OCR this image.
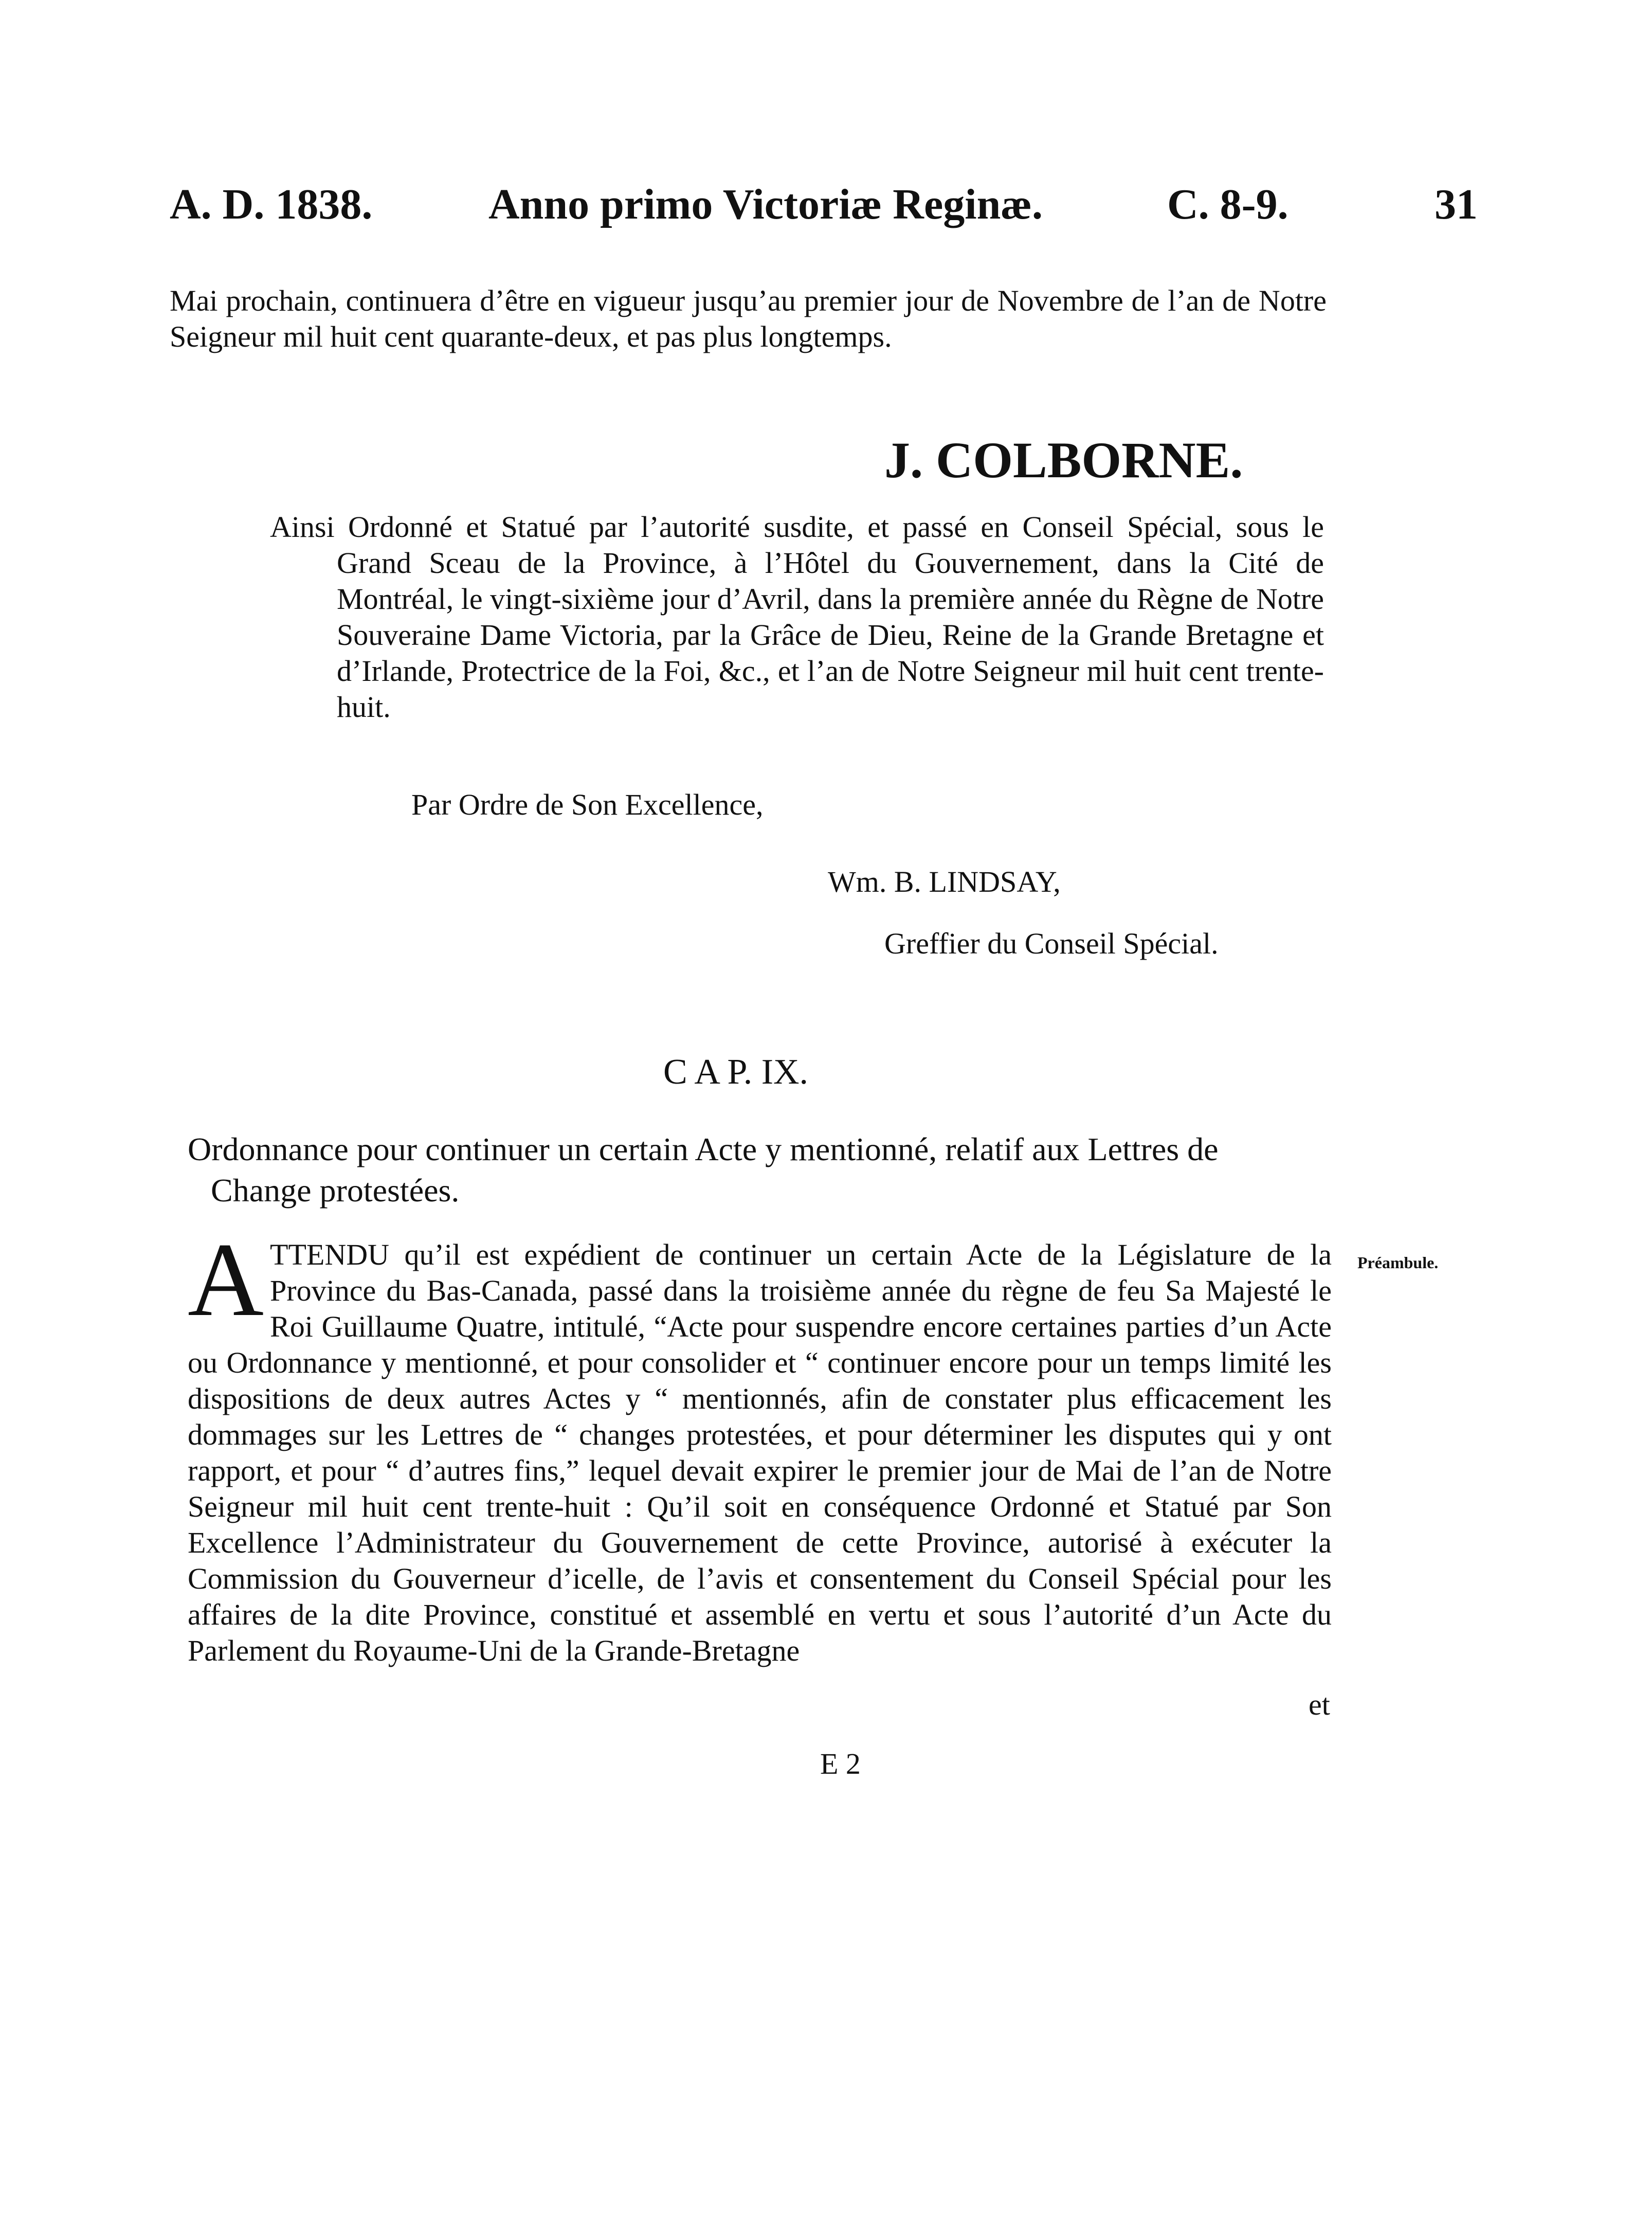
A. D. 1838.	Anno primo Victoriæ Reginæ.	C. 8-9.	31

Mai prochain, continuera d’être en vigueur jusqu’au premier jour de Novembre de l’an de Notre Seigneur mil huit cent quarante-deux, et pas plus longtemps.

J. COLBORNE.

Ainsi Ordonné et Statué par l’autorité susdite, et passé en Conseil Spécial, sous le Grand Sceau de la Province, à l’Hôtel du Gouvernement, dans la Cité de Montréal, le vingt-sixième jour d’Avril, dans la première année du Règne de Notre Souveraine Dame Victoria, par la Grâce de Dieu, Reine de la Grande Bretagne et d’Irlande, Protectrice de la Foi, &c., et l’an de Notre Seigneur mil huit cent trente-huit.

Par Ordre de Son Excellence,
Wm. B. LINDSAY,
Greffier du Conseil Spécial.
C A P. IX.

Ordonnance pour continuer un certain Acte y mentionné, relatif aux Lettres de Change protestées.

Préambule.
A TTENDU qu’il est expédient de continuer un certain Acte de la Législature de la Province du Bas-Canada, passé dans la troisième année du règne de feu Sa Majesté le Roi Guillaume Quatre, intitulé, “Acte pour suspendre encore certaines parties d’un Acte ou Ordonnance y mentionné, et pour consolider et “ continuer encore pour un temps limité les dispositions de deux autres Actes y “ mentionnés, afin de constater plus efficacement les dommages sur les Lettres de “ changes protestées, et pour déterminer les disputes qui y ont rapport, et pour “ d’autres fins,” lequel devait expirer le premier jour de Mai de l’an de Notre Seigneur mil huit cent trente-huit : Qu’il soit en conséquence Ordonné et Statué par Son Excellence l’Administrateur du Gouvernement de cette Province, autorisé à exécuter la Commission du Gouverneur d’icelle, de l’avis et consentement du Conseil Spécial pour les affaires de la dite Province, constitué et assemblé en vertu et sous l’autorité d’un Acte du Parlement du Royaume-Uni de la Grande-Bretagne
et
E 2
